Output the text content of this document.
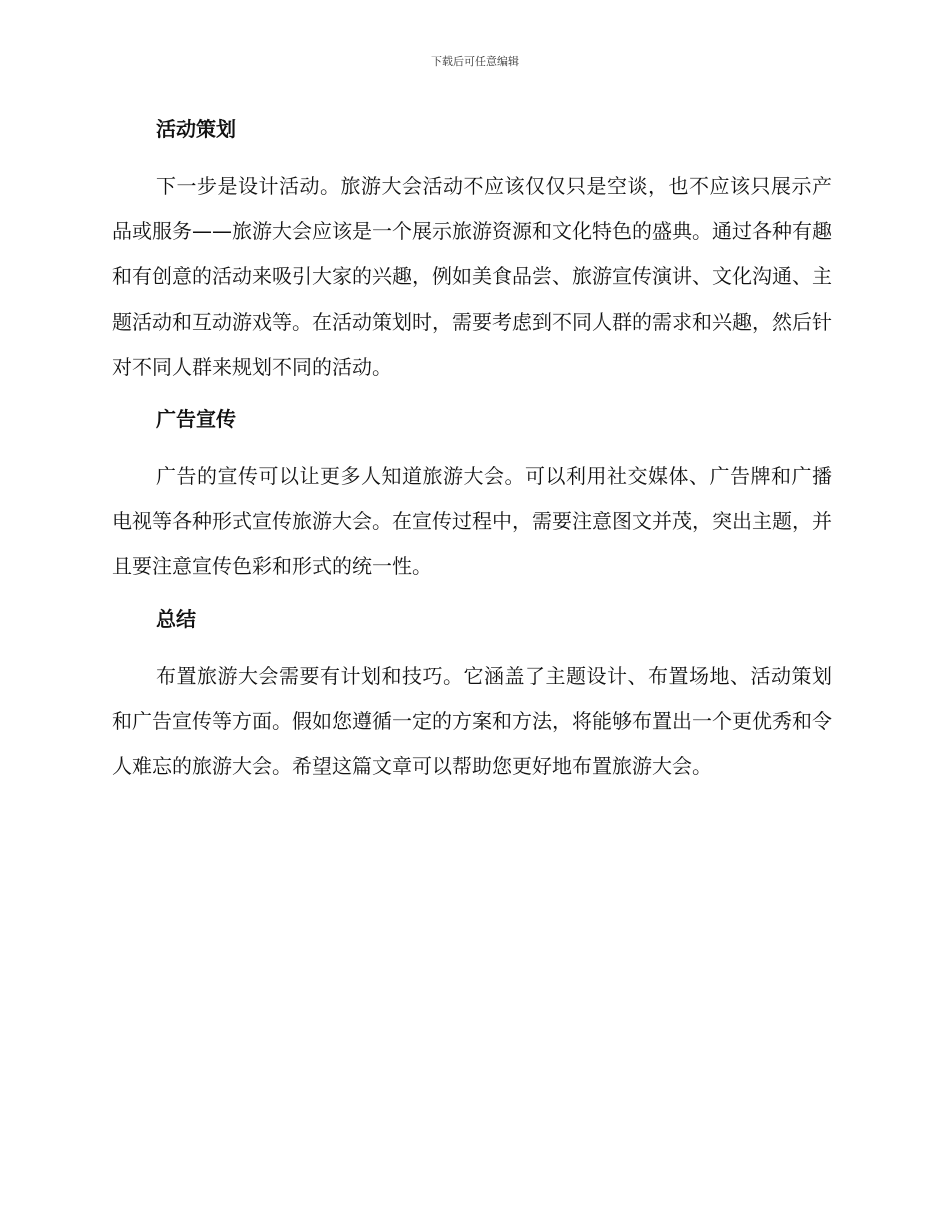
下载后可任意编辑
活动策划

下一步是设计活动。旅游大会活动不应该仅仅只是空谈，也不应该只展示产品或服务——旅游大会应该是一个展示旅游资源和文化特色的盛典。通过各种有趣和有创意的活动来吸引大家的兴趣，例如美食品尝、旅游宣传演讲、文化沟通、主题活动和互动游戏等。在活动策划时，需要考虑到不同人群的需求和兴趣，然后针对不同人群来规划不同的活动。

广告宣传

广告的宣传可以让更多人知道旅游大会。可以利用社交媒体、广告牌和广播电视等各种形式宣传旅游大会。在宣传过程中，需要注意图文并茂，突出主题，并且要注意宣传色彩和形式的统一性。

总结

布置旅游大会需要有计划和技巧。它涵盖了主题设计、布置场地、活动策划和广告宣传等方面。假如您遵循一定的方案和方法，将能够布置出一个更优秀和令人难忘的旅游大会。希望这篇文章可以帮助您更好地布置旅游大会。
